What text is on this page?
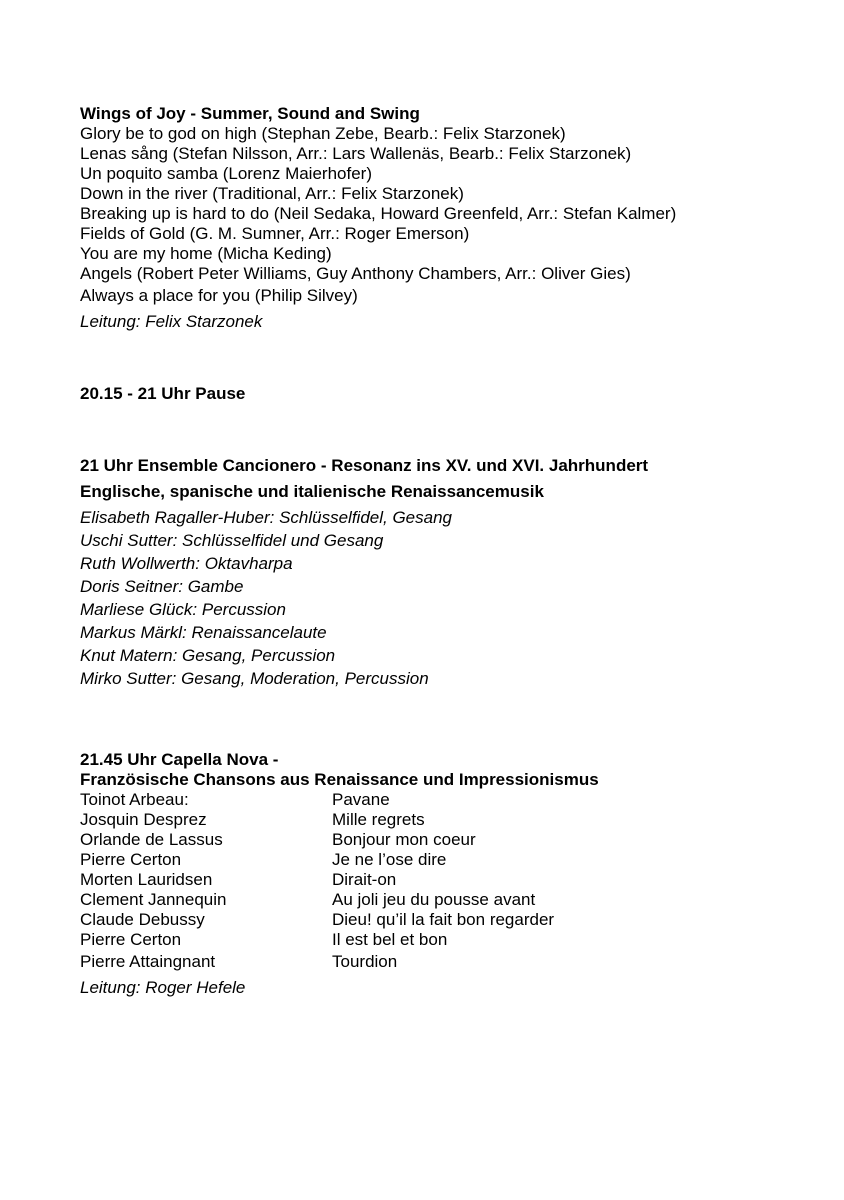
Wings of Joy - Summer, Sound and Swing

Glory be to god on high (Stephan Zebe, Bearb.: Felix Starzonek)

Lenas sång (Stefan Nilsson, Arr.: Lars Wallenäs, Bearb.: Felix Starzonek)

Un poquito samba (Lorenz Maierhofer)

Down in the river (Traditional, Arr.: Felix Starzonek)

Breaking up is hard to do (Neil Sedaka, Howard Greenfeld, Arr.: Stefan Kalmer)

Fields of Gold (G. M. Sumner, Arr.: Roger Emerson)

You are my home (Micha Keding)

Angels (Robert Peter Williams, Guy Anthony Chambers, Arr.: Oliver Gies)

Always a place for you (Philip Silvey)

Leitung: Felix Starzonek

20.15 - 21 Uhr Pause

21 Uhr Ensemble Cancionero - Resonanz ins XV. und XVI. Jahrhundert

Englische, spanische und italienische Renaissancemusik

Elisabeth Ragaller-Huber: Schlüsselfidel, Gesang

Uschi Sutter: Schlüsselfidel und Gesang

Ruth Wollwerth: Oktavharpa

Doris Seitner: Gambe

Marliese Glück: Percussion

Markus Märkl: Renaissancelaute

Knut Matern: Gesang, Percussion

Mirko Sutter: Gesang, Moderation, Percussion

21.45 Uhr Capella Nova -

Französische Chansons aus Renaissance und Impressionismus

Toinot Arbeau:	Pavane
Josquin Desprez	Mille regrets
Orlande de Lassus	Bonjour mon coeur
Pierre Certon	Je ne l’ose dire
Morten Lauridsen	Dirait-on
Clement Jannequin	Au joli jeu du pousse avant
Claude Debussy	Dieu! qu’il la fait bon regarder
Pierre Certon	Il est bel et bon
Pierre Attaingnant	Tourdion

Leitung: Roger Hefele
